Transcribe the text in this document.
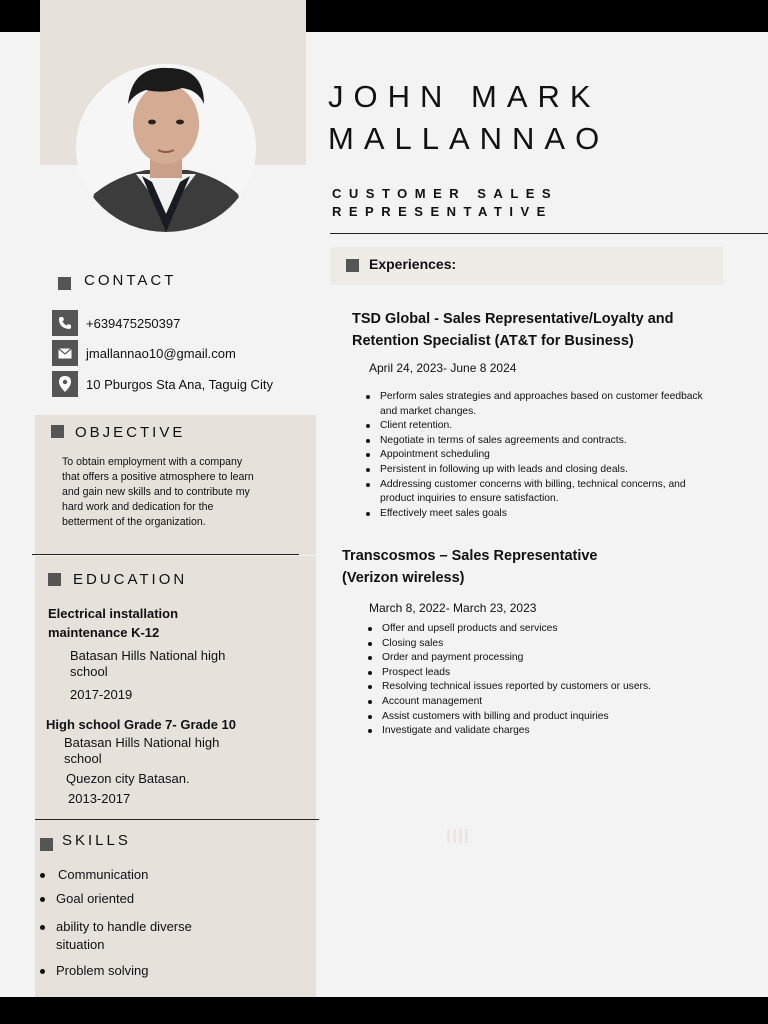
JOHN MARK
MALLANNAO
CUSTOMER SALES
REPRESENTATIVE
CONTACT
+639475250397
jmallannao10@gmail.com
10 Pburgos Sta Ana, Taguig City
OBJECTIVE
To obtain employment with a company that offers a positive atmosphere to learn and gain new skills and to contribute my hard work and dedication for the betterment of the organization.
EDUCATION
Electrical installation maintenance K-12
Batasan Hills National high school
2017-2019
High school Grade 7- Grade 10
Batasan Hills National high school
Quezon city Batasan.
2013-2017
SKILLS
Communication
Goal oriented
ability to handle diverse situation
Problem solving
Experiences:
TSD Global - Sales Representative/Loyalty and Retention Specialist (AT&T for Business)
April 24, 2023- June 8 2024
Perform sales strategies and approaches based on customer feedback and market changes.
Client retention.
Negotiate in terms of sales agreements and contracts.
Appointment scheduling
Persistent in following up with leads and closing deals.
Addressing customer concerns with billing, technical concerns, and product inquiries to ensure satisfaction.
Effectively meet sales goals
Transcosmos – Sales Representative (Verizon wireless)
March 8, 2022- March 23, 2023
Offer and upsell products and services
Closing sales
Order and payment processing
Prospect leads
Resolving technical issues reported by customers or users.
Account management
Assist customers with billing and product inquiries
Investigate and validate charges
